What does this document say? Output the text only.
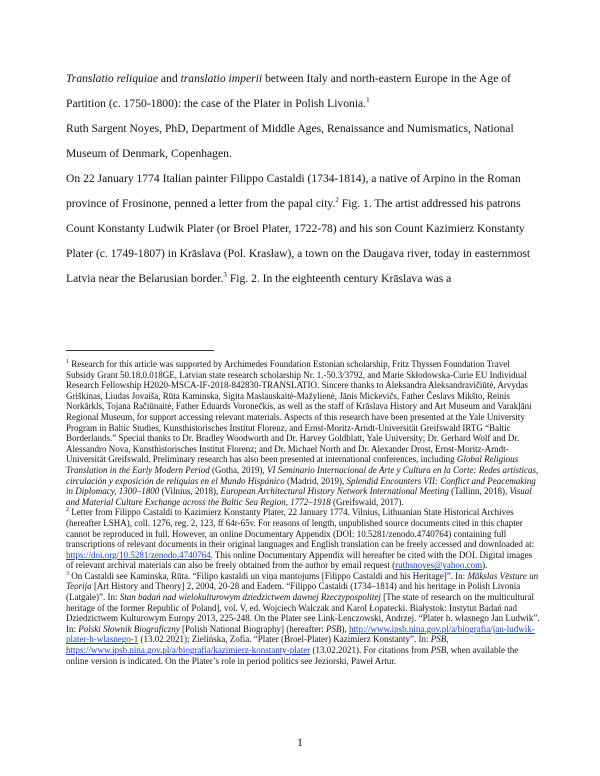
Translatio reliquiae and translatio imperii between Italy and north-eastern Europe in the Age of Partition (c. 1750-1800): the case of the Plater in Polish Livonia.$^1$

Ruth Sargent Noyes, PhD, Department of Middle Ages, Renaissance and Numismatics, National Museum of Denmark, Copenhagen.

On 22 January 1774 Italian painter Filippo Castaldi (1734-1814), a native of Arpino in the Roman province of Frosinone, penned a letter from the papal city.$^2$ Fig. 1. The artist addressed his patrons Count Konstanty Ludwik Plater (or Broel Plater, 1722-78) and his son Count Kazimierz Konstanty Plater (c. 1749-1807) in Krāslava (Pol. Krasław), a town on the Daugava river, today in easternmost Latvia near the Belarusian border.$^3$ Fig. 2. In the eighteenth century Krāslava was a

$^1$ Research for this article was supported by Archimedes Foundation Estonian scholarship, Fritz Thyssen Foundation Travel Subsidy Grant 50.18.0.018GE, Latvian state research scholarship Nr. 1.-50.3/3792, and Marie Skłodowska-Curie EU Individual Research Fellowship H2020-MSCA-IF-2018-842830-TRANSLATIO. Sincere thanks to Aleksandra Aleksandravičiūtė, Arvydas Griškinas, Liudas Jovaiša, Rūta Kaminska, Sigita Maslauskaitė-Mažylienė, Jānis Mickevičs, Father Česlavs Mikšto, Reinis Norkārkls, Tojana Račiūnaitė, Father Eduards Voronečkis, as well as the staff of Krāslava History and Art Museum and Varakļāni Regional Museum, for support accessing relevant materials. Aspects of this research have been presented at the Yale University Program in Baltic Studies, Kunsthistorisches Institut Florenz, and Ernst-Moritz-Arndt-Universität Greifswald IRTG “Baltic Borderlands.” Special thanks to Dr. Bradley Woodworth and Dr. Harvey Goldblatt, Yale University; Dr. Gerhard Wolf and Dr. Alessandro Nova, Kunsthistorisches Institut Florenz; and Dr. Michael North and Dr. Alexander Drost, Ernst-Moritz-Arndt-Universität Greifswald. Preliminary research has also been presented at international conferences, including Global Religious Translation in the Early Modern Period (Gotha, 2019), VI Seminario Internacional de Arte y Cultura en la Corte: Redes artísticas, circulación y exposición de reliquias en el Mundo Hispánico (Madrid, 2019), Splendid Encounters VII: Conflict and Peacemaking in Diplomacy, 1300–1800 (Vilnius, 2018), European Architectural History Network International Meeting (Tallinn, 2018), Visual and Material Culture Exchange across the Baltic Sea Region, 1772–1918 (Greifswald, 2017).

$^2$ Letter from Filippo Castaldi to Kazimierz Konstanty Plater, 22 January 1774. Vilnius, Lithuanian State Historical Archives (hereafter LSHA), coll. 1276, reg. 2, 123, ff 64r-65v. For reasons of length, unpublished source documents cited in this chapter cannot be reproduced in full. However, an online Documentary Appendix (DOI: 10.5281/zenodo.4740764) containing full transcriptions of relevant documents in their original languages and English translation can be freely accessed and downloaded at: https://doi.org/10.5281/zenodo.4740764. This online Documentary Appendix will hereafter be cited with the DOI. Digital images of relevant archival materials can also be freely obtained from the author by email request (ruthsnoyes@yahoo.com).

$^3$ On Castaldi see Kaminska, Rūta. “Filipo kastaldi un viņa mantojums [Filippo Castaldi and his Heritage]”. In: Mākslas Vēsture un Teorija [Art History and Theory] 2, 2004, 20-28 and Eadem. “Filippo Castaldi (1734–1814) and his heritage in Polish Livonia (Latgale)”. In: Stan badań nad wielokulturowym dziedzictwem dawnej Rzeczypospolitej [The state of research on the multicultural heritage of the former Republic of Poland], vol. V, ed. Wojciech Walczak and Karol Łopatecki. Białystok: Instytut Badań nad Dziedzictwem Kulturowym Europy 2013, 225-248. On the Plater see Link-Lenczowski, Andrzej. “Plater h. własnego Jan Ludwik”. In: Polski Słownik Biograficzny [Polish National Biography] (hereafter: PSB), http://www.ipsb.nina.gov.pl/a/biografia/jan-ludwik-plater-h-wlasnego-1 (13.02.2021); Zielińska, Zofia. “Plater (Broel-Plater) Kazimierz Konstanty”. In: PSB, https://www.ipsb.nina.gov.pl/a/biografia/kazimierz-konstanty-plater (13.02.2021). For citations from PSB, when available the online version is indicated. On the Plater’s role in period politics see Jeziorski, Paweł Artur.

1
